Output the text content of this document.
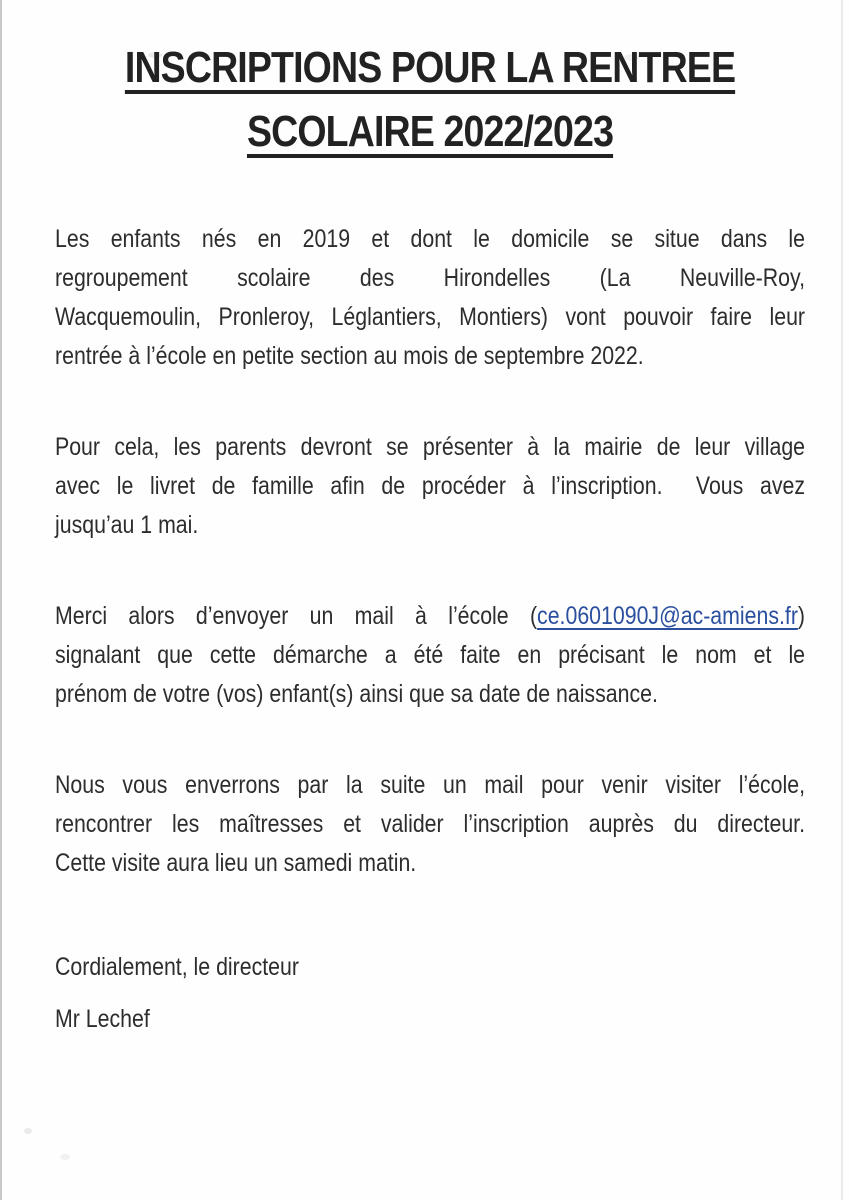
INSCRIPTIONS POUR LA RENTREE
SCOLAIRE 2022/2023
Les enfants nés en 2019 et dont le domicile se situe dans le
regroupement scolaire des Hirondelles (La Neuville-Roy,
Wacquemoulin, Pronleroy, Léglantiers, Montiers) vont pouvoir faire leur
rentrée à l’école en petite section au mois de septembre 2022.
Pour cela, les parents devront se présenter à la mairie de leur village
avec le livret de famille afin de procéder à l’inscription.  Vous avez
jusqu’au 1 mai.
Merci alors d’envoyer un mail à l’école (ce.0601090J@ac-amiens.fr)
signalant que cette démarche a été faite en précisant le nom et le
prénom de votre (vos) enfant(s) ainsi que sa date de naissance.
Nous vous enverrons par la suite un mail pour venir visiter l’école,
rencontrer les maîtresses et valider l’inscription auprès du directeur.
Cette visite aura lieu un samedi matin.
Cordialement, le directeur
Mr Lechef
